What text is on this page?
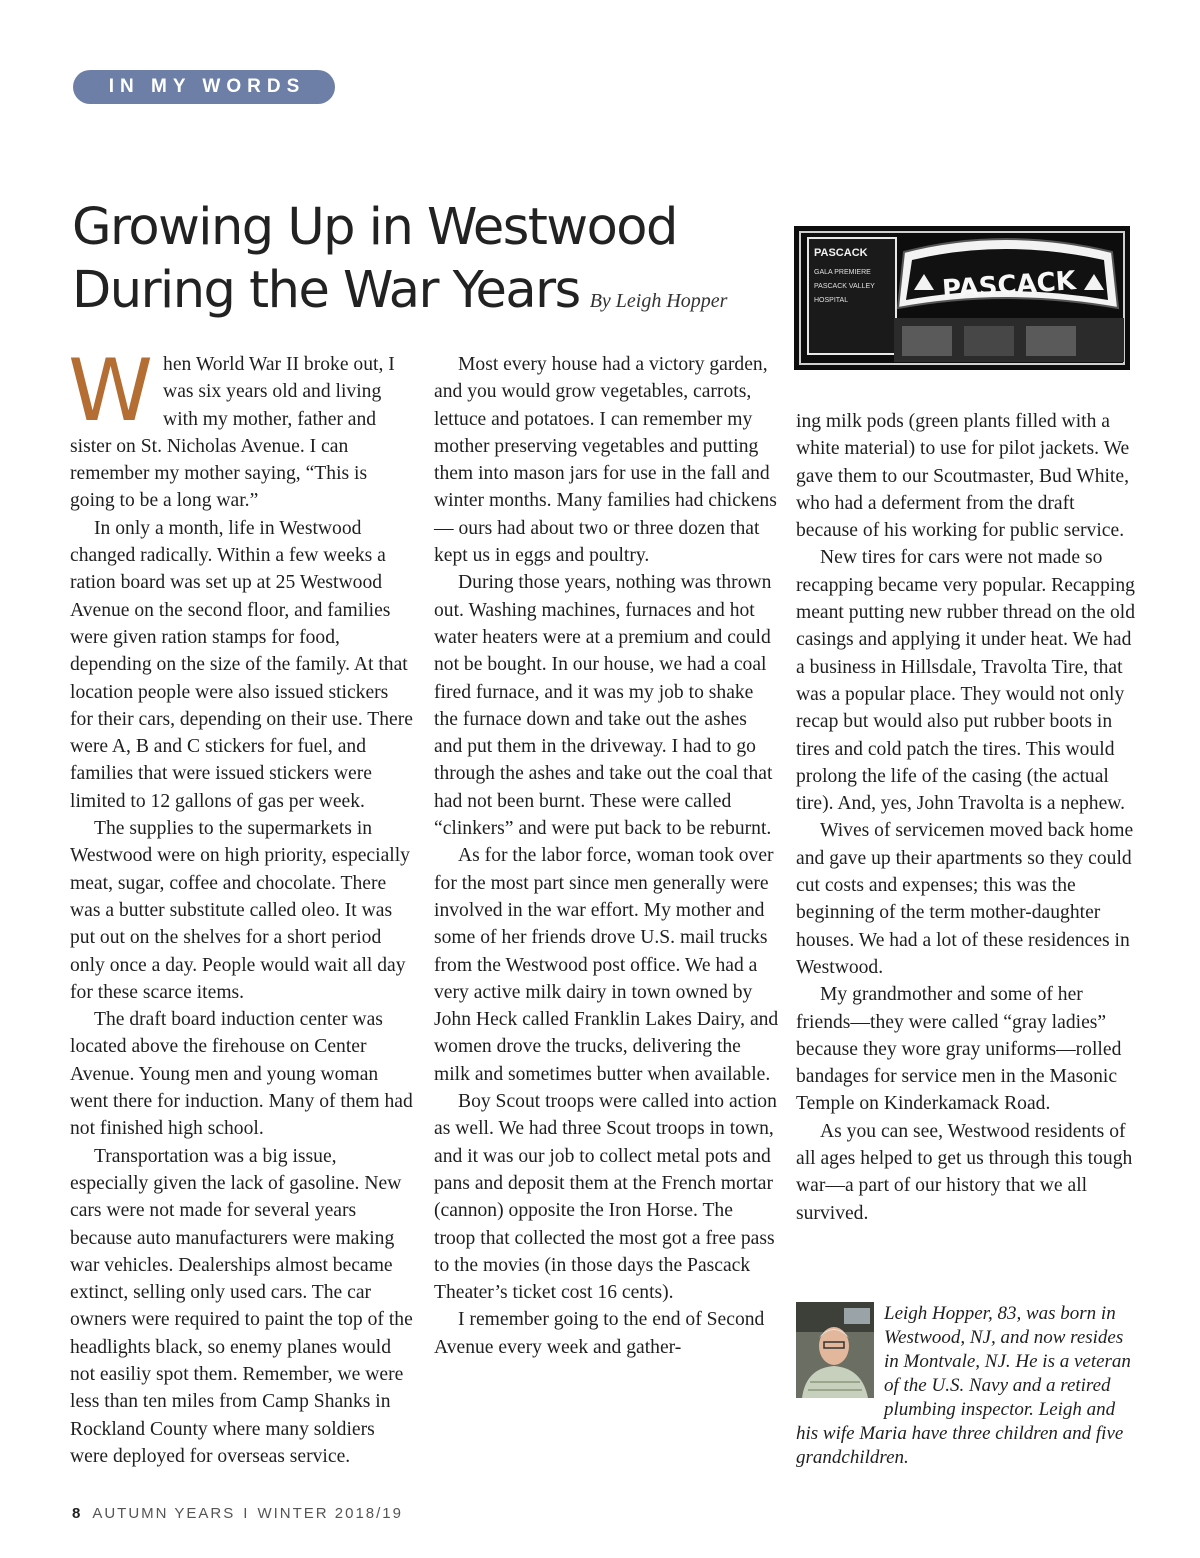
IN MY WORDS
Growing Up in Westwood
During the War Years By Leigh Hopper
PASCACK
GALA PREMIERE
PASCACK VALLEY
HOSPITAL	PASCACK

When World War II broke out, I was six years old and living with my mother, father and sister on St. Nicholas Avenue. I can remember my mother saying, “This is going to be a long war.”

In only a month, life in Westwood changed radically. Within a few weeks a ration board was set up at 25 Westwood Avenue on the second floor, and families were given ration stamps for food, depending on the size of the family. At that location people were also issued stickers for their cars, depending on their use. There were A, B and C stickers for fuel, and families that were issued stickers were limited to 12 gallons of gas per week.

The supplies to the supermarkets in Westwood were on high priority, especially meat, sugar, coffee and chocolate. There was a butter substitute called oleo. It was put out on the shelves for a short period only once a day. People would wait all day for these scarce items.

The draft board induction center was located above the firehouse on Center Avenue. Young men and young woman went there for induction. Many of them had not finished high school.

Transportation was a big issue, especially given the lack of gasoline. New cars were not made for several years because auto manufacturers were making war vehicles. Dealerships almost became extinct, selling only used cars. The car owners were required to paint the top of the headlights black, so enemy planes would not easiliy spot them. Remember, we were less than ten miles from Camp Shanks in Rockland County where many soldiers were deployed for overseas service.

Most every house had a victory garden, and you would grow vegetables, carrots, lettuce and potatoes. I can remember my mother preserving vegetables and putting them into mason jars for use in the fall and winter months. Many families had chickens— ours had about two or three dozen that kept us in eggs and poultry.

During those years, nothing was thrown out. Washing machines, furnaces and hot water heaters were at a premium and could not be bought. In our house, we had a coal fired furnace, and it was my job to shake the furnace down and take out the ashes and put them in the driveway. I had to go through the ashes and take out the coal that had not been burnt. These were called “clinkers” and were put back to be reburnt.

As for the labor force, woman took over for the most part since men generally were involved in the war effort. My mother and some of her friends drove U.S. mail trucks from the Westwood post office. We had a very active milk dairy in town owned by John Heck called Franklin Lakes Dairy, and women drove the trucks, delivering the milk and sometimes butter when available.

Boy Scout troops were called into action as well. We had three Scout troops in town, and it was our job to collect metal pots and pans and deposit them at the French mortar (cannon) opposite the Iron Horse. The troop that collected the most got a free pass to the movies (in those days the Pascack Theater’s ticket cost 16 cents).

I remember going to the end of Second Avenue every week and gather-

ing milk pods (green plants filled with a white material) to use for pilot jackets. We gave them to our Scoutmaster, Bud White, who had a deferment from the draft because of his working for public service.

New tires for cars were not made so recapping became very popular. Recapping meant putting new rubber thread on the old casings and applying it under heat. We had a business in Hillsdale, Travolta Tire, that was a popular place. They would not only recap but would also put rubber boots in tires and cold patch the tires. This would prolong the life of the casing (the actual tire). And, yes, John Travolta is a nephew.

Wives of servicemen moved back home and gave up their apartments so they could cut costs and expenses; this was the beginning of the term mother-daughter houses. We had a lot of these residences in Westwood.

My grandmother and some of her friends—they were called “gray ladies” because they wore gray uniforms—rolled bandages for service men in the Masonic Temple on Kinderkamack Road.

As you can see, Westwood residents of all ages helped to get us through this tough war—a part of our history that we all survived.

Leigh Hopper, 83, was born in Westwood, NJ, and now resides in Montvale, NJ. He is a veteran of the U.S. Navy and a retired plumbing inspector. Leigh and his wife Maria have three children and five grandchildren.
8 AUTUMN YEARS I WINTER 2018/19
